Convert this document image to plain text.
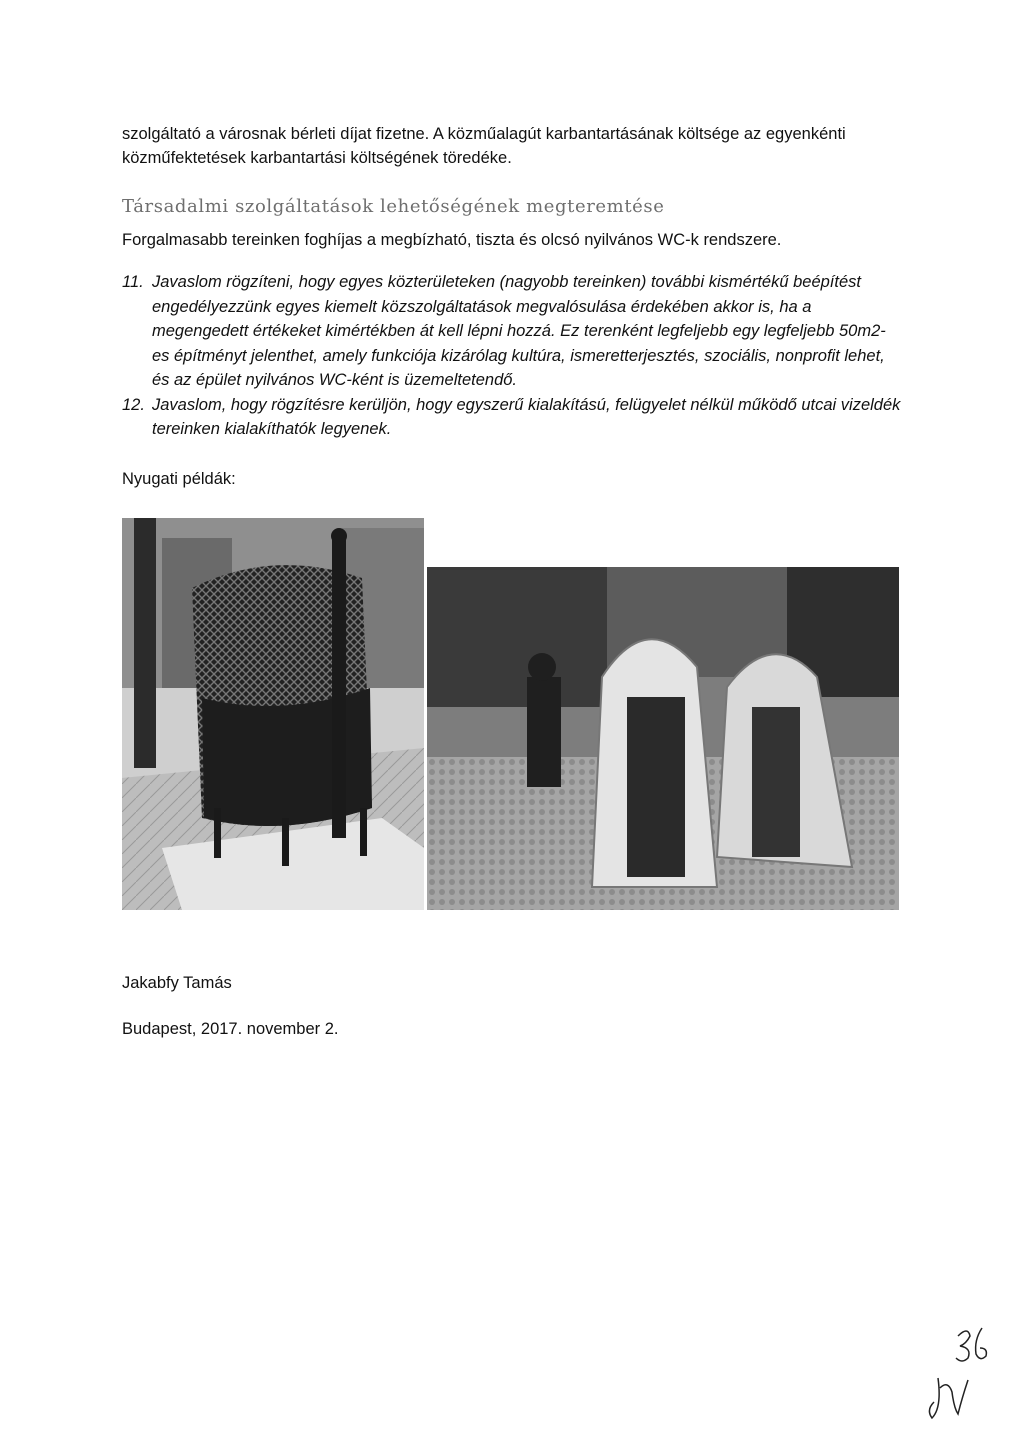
szolgáltató a városnak bérleti díjat fizetne. A közműalagút karbantartásának költsége az egyenkénti
közműfektetések karbantartási költségének töredéke.
Társadalmi szolgáltatások lehetőségének megteremtése
Forgalmasabb tereinken foghíjas a megbízható, tiszta és olcsó nyilvános WC-k rendszere.
11. Javaslom rögzíteni, hogy egyes közterületeken (nagyobb tereinken) további kismértékű beépítést engedélyezzünk egyes kiemelt közszolgáltatások megvalósulása érdekében akkor is, ha a megengedett értékeket kimértékben át kell lépni hozzá. Ez terenként legfeljebb egy legfeljebb 50m2-es építményt jelenthet, amely funkciója kizárólag kultúra, ismeretterjesztés, szociális, nonprofit lehet, és az épület nyilvános WC-ként is üzemeltetendő.
12. Javaslom, hogy rögzítésre kerüljön, hogy egyszerű kialakítású, felügyelet nélkül működő utcai vizeldék tereinken kialakíthatók legyenek.
Nyugati példák:
Jakabfy Tamás
Budapest, 2017. november 2.
